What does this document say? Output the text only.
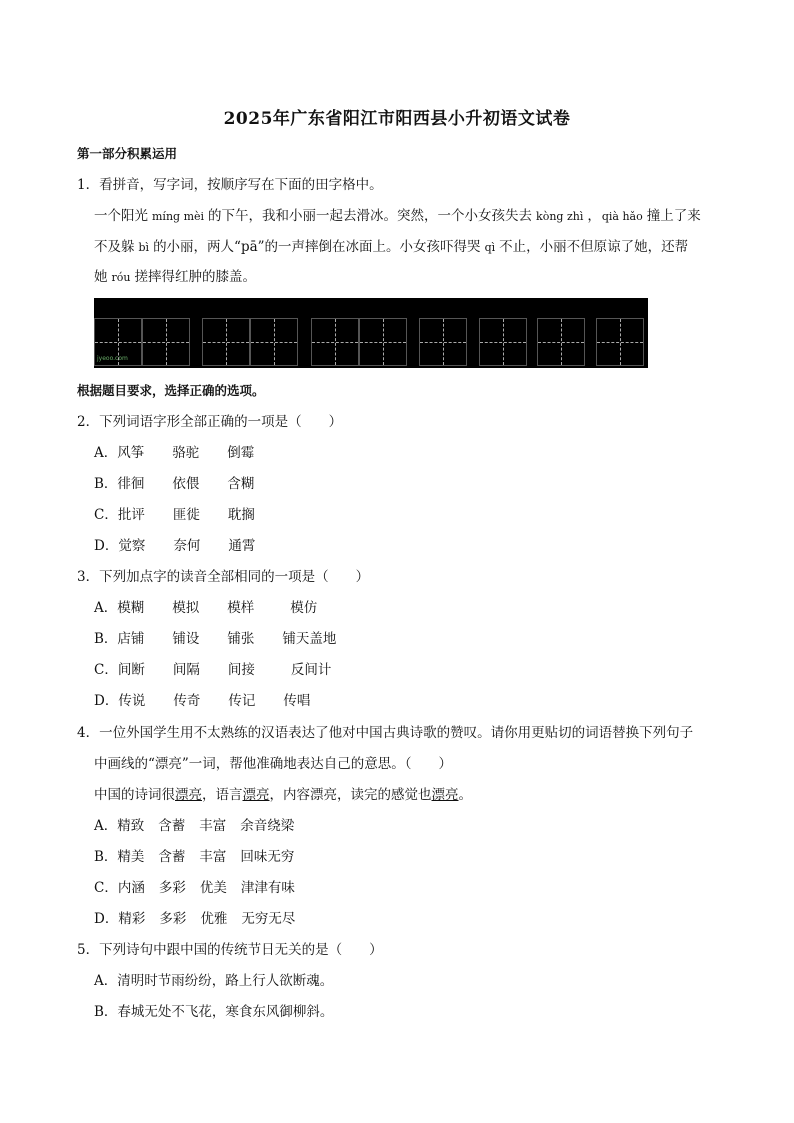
2025年广东省阳江市阳西县小升初语文试卷
第一部分积累运用
1．看拼音，写字词，按顺序写在下面的田字格中。
一个阳光 míng mèi 的下午，我和小丽一起去滑冰。突然，一个小女孩失去 kòng zhì ，qià hǎo 撞上了来
不及躲 bì 的小丽，两人“pā”的一声摔倒在冰面上。小女孩吓得哭 qì 不止，小丽不但原谅了她，还帮
她 róu 搓摔得红肿的膝盖。
jyeoo.com
根据题目要求，选择正确的选项。
2．下列词语字形全部正确的一项是（　　）
A．风筝 骆驼 倒霉
B．徘徊 依偎 含糊
C．批评 匪徙 耽搁
D．觉察 奈何 通霄
3．下列加点字的读音全部相同的一项是（　　）
A．模糊 模拟 模样	模仿
B．店铺 铺设 铺张 铺天盖地
C．间断 间隔 间接	反间计
D．传说 传奇 传记 传唱
4．一位外国学生用不太熟练的汉语表达了他对中国古典诗歌的赞叹。请你用更贴切的词语替换下列句子
中画线的“漂亮”一词，帮他准确地表达自己的意思。（　　）
中国的诗词很漂亮，语言漂亮，内容漂亮，读完的感觉也漂亮。
A．精致 含蓄 丰富 余音绕梁
B．精美 含蓄 丰富 回味无穷
C．内涵 多彩 优美 津津有味
D．精彩 多彩 优雅 无穷无尽
5．下列诗句中跟中国的传统节日无关的是（　　）
A．清明时节雨纷纷，路上行人欲断魂。
B．春城无处不飞花，寒食东风御柳斜。
